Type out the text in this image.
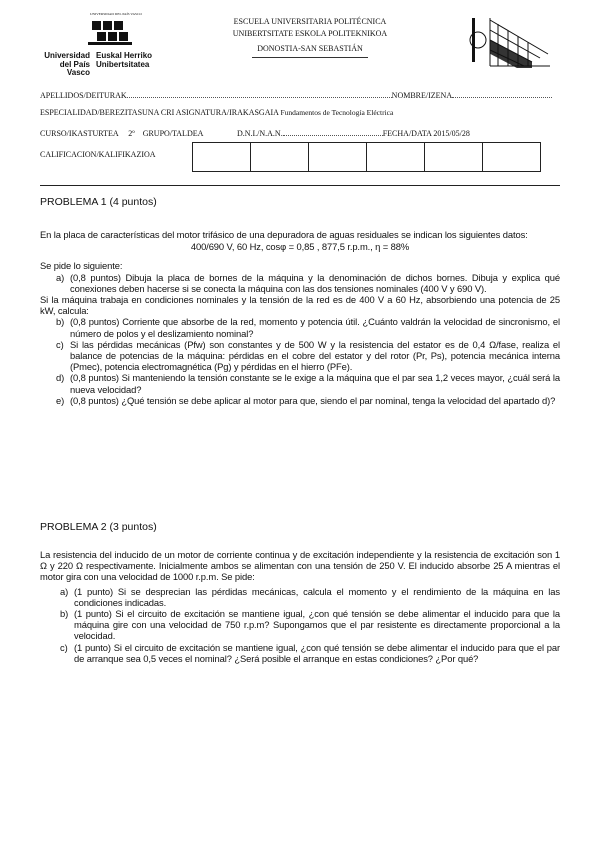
UNIVERSIDAD DEL PAÍS VASCO
Universidad
del País Vasco
Euskal Herriko
Unibertsitatea
ESCUELA UNIVERSITARIA POLITÉCNICA
UNIBERTSITATE ESKOLA POLITEKNIKOA
DONOSTIA-SAN SEBASTIÁN
APELLIDOS/DEITURAK	NOMBRE/IZENA
ESPECIALIDAD/BEREZITASUNA CRI ASIGNATURA/IRAKASGAIA Fundamentos de Tecnología Eléctrica
CURSO/IKASTURTEA 2º GRUPO/TALDEA	D.N.I./N.A.N.	FECHA/DATA 2015/05/28
CALIFICACION/KALIFIKAZIOA

PROBLEMA 1 (4 puntos)
En la placa de características del motor trifásico de una depuradora de aguas residuales se indican los siguientes datos:
400/690 V, 60 Hz, cosφ = 0,85 , 877,5 r.p.m., η = 88%
Se pide lo siguiente:
a) (0,8 puntos) Dibuja la placa de bornes de la máquina y la denominación de dichos bornes. Dibuja y explica qué conexiones deben hacerse si se conecta la máquina con las dos tensiones nominales (400 V y 690 V).
Si la máquina trabaja en condiciones nominales y la tensión de la red es de 400 V a 60 Hz, absorbiendo una potencia de 25 kW, calcula:
b) (0,8 puntos) Corriente que absorbe de la red, momento y potencia útil. ¿Cuánto valdrán la velocidad de sincronismo, el número de polos y el deslizamiento nominal?
c) Si las pérdidas mecánicas (Pfw) son constantes y de 500 W y la resistencia del estator es de 0,4 Ω/fase, realiza el balance de potencias de la máquina: pérdidas en el cobre del estator y del rotor (Pr, Ps), potencia mecánica interna (Pmec), potencia electromagnética (Pg) y pérdidas en el hierro (PFe).
d) (0,8 puntos) Si manteniendo la tensión constante se le exige a la máquina que el par sea 1,2 veces mayor, ¿cuál será la nueva velocidad?
e) (0,8 puntos) ¿Qué tensión se debe aplicar al motor para que, siendo el par nominal, tenga la velocidad del apartado d)?
PROBLEMA 2 (3 puntos)
La resistencia del inducido de un motor de corriente continua y de excitación independiente y la resistencia de excitación son 1 Ω y 220 Ω respectivamente. Inicialmente ambos se alimentan con una tensión de 250 V. El inducido absorbe 25 A mientras el motor gira con una velocidad de 1000 r.p.m. Se pide:
a) (1 punto) Si se desprecian las pérdidas mecánicas, calcula el momento y el rendimiento de la máquina en las condiciones indicadas.
b) (1 punto) Si el circuito de excitación se mantiene igual, ¿con qué tensión se debe alimentar el inducido para que la máquina gire con una velocidad de 750 r.p.m? Supongamos que el par resistente es directamente proporcional a la velocidad.
c) (1 punto) Si el circuito de excitación se mantiene igual, ¿con qué tensión se debe alimentar el inducido para que el par de arranque sea 0,5 veces el nominal? ¿Será posible el arranque en estas condiciones? ¿Por qué?
